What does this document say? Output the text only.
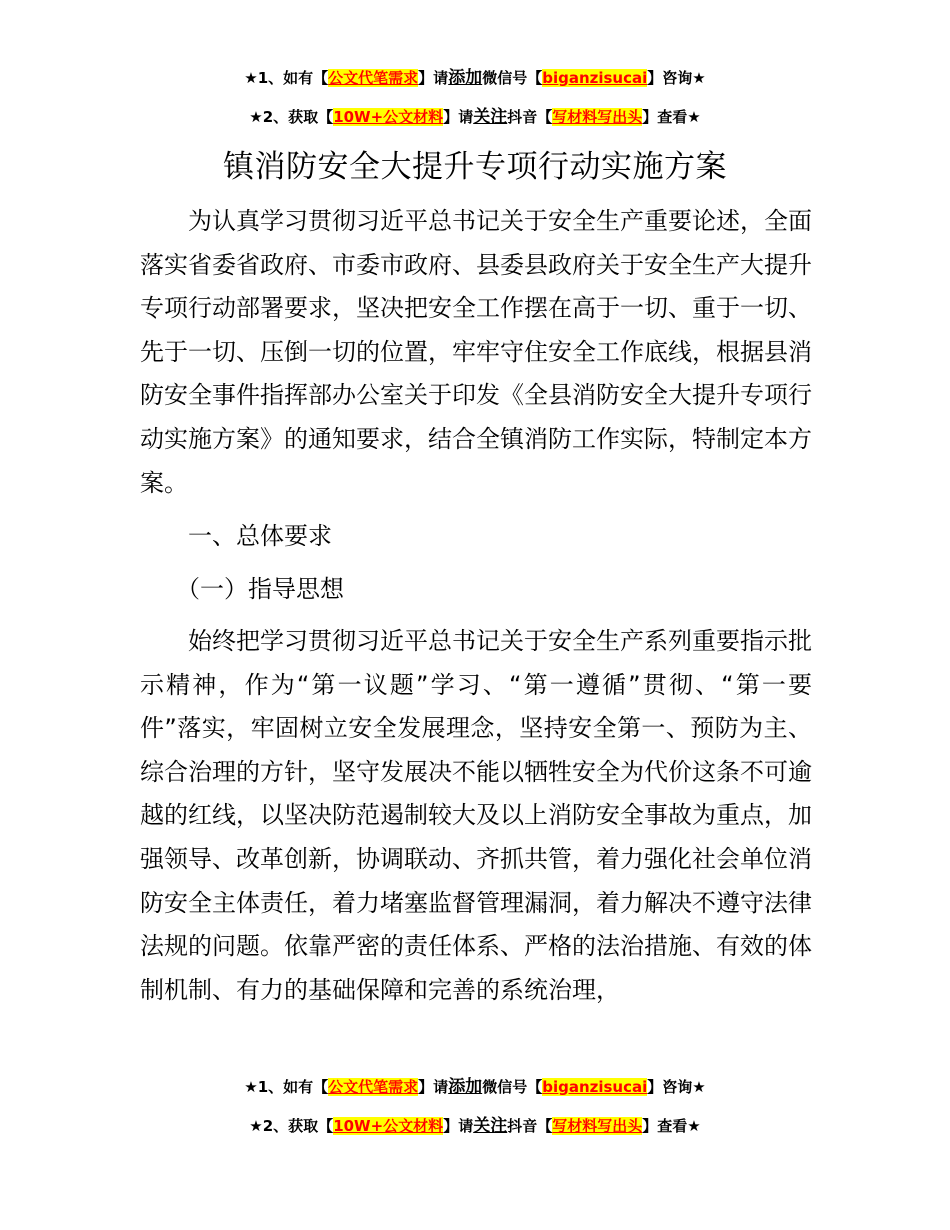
★1、如有【公文代笔需求】请添加微信号【biganzisucai】咨询★
★2、获取【10W+公文材料】请关注抖音【写材料写出头】查看★
镇消防安全大提升专项行动实施方案

为认真学习贯彻习近平总书记关于安全生产重要论述，全面落实省委省政府、市委市政府、县委县政府关于安全生产大提升专项行动部署要求，坚决把安全工作摆在高于一切、重于一切、先于一切、压倒一切的位置，牢牢守住安全工作底线，根据县消防安全事件指挥部办公室关于印发《全县消防安全大提升专项行动实施方案》的通知要求，结合全镇消防工作实际，特制定本方案。

一、总体要求

（一）指导思想

始终把学习贯彻习近平总书记关于安全生产系列重要指示批示精神，作为“第一议题”学习、“第一遵循”贯彻、“第一要件”落实，牢固树立安全发展理念，坚持安全第一、预防为主、综合治理的方针，坚守发展决不能以牺牲安全为代价这条不可逾越的红线，以坚决防范遏制较大及以上消防安全事故为重点，加强领导、改革创新，协调联动、齐抓共管，着力强化社会单位消防安全主体责任，着力堵塞监督管理漏洞，着力解决不遵守法律法规的问题。依靠严密的责任体系、严格的法治措施、有效的体制机制、有力的基础保障和完善的系统治理，

★1、如有【公文代笔需求】请添加微信号【biganzisucai】咨询★
★2、获取【10W+公文材料】请关注抖音【写材料写出头】查看★
